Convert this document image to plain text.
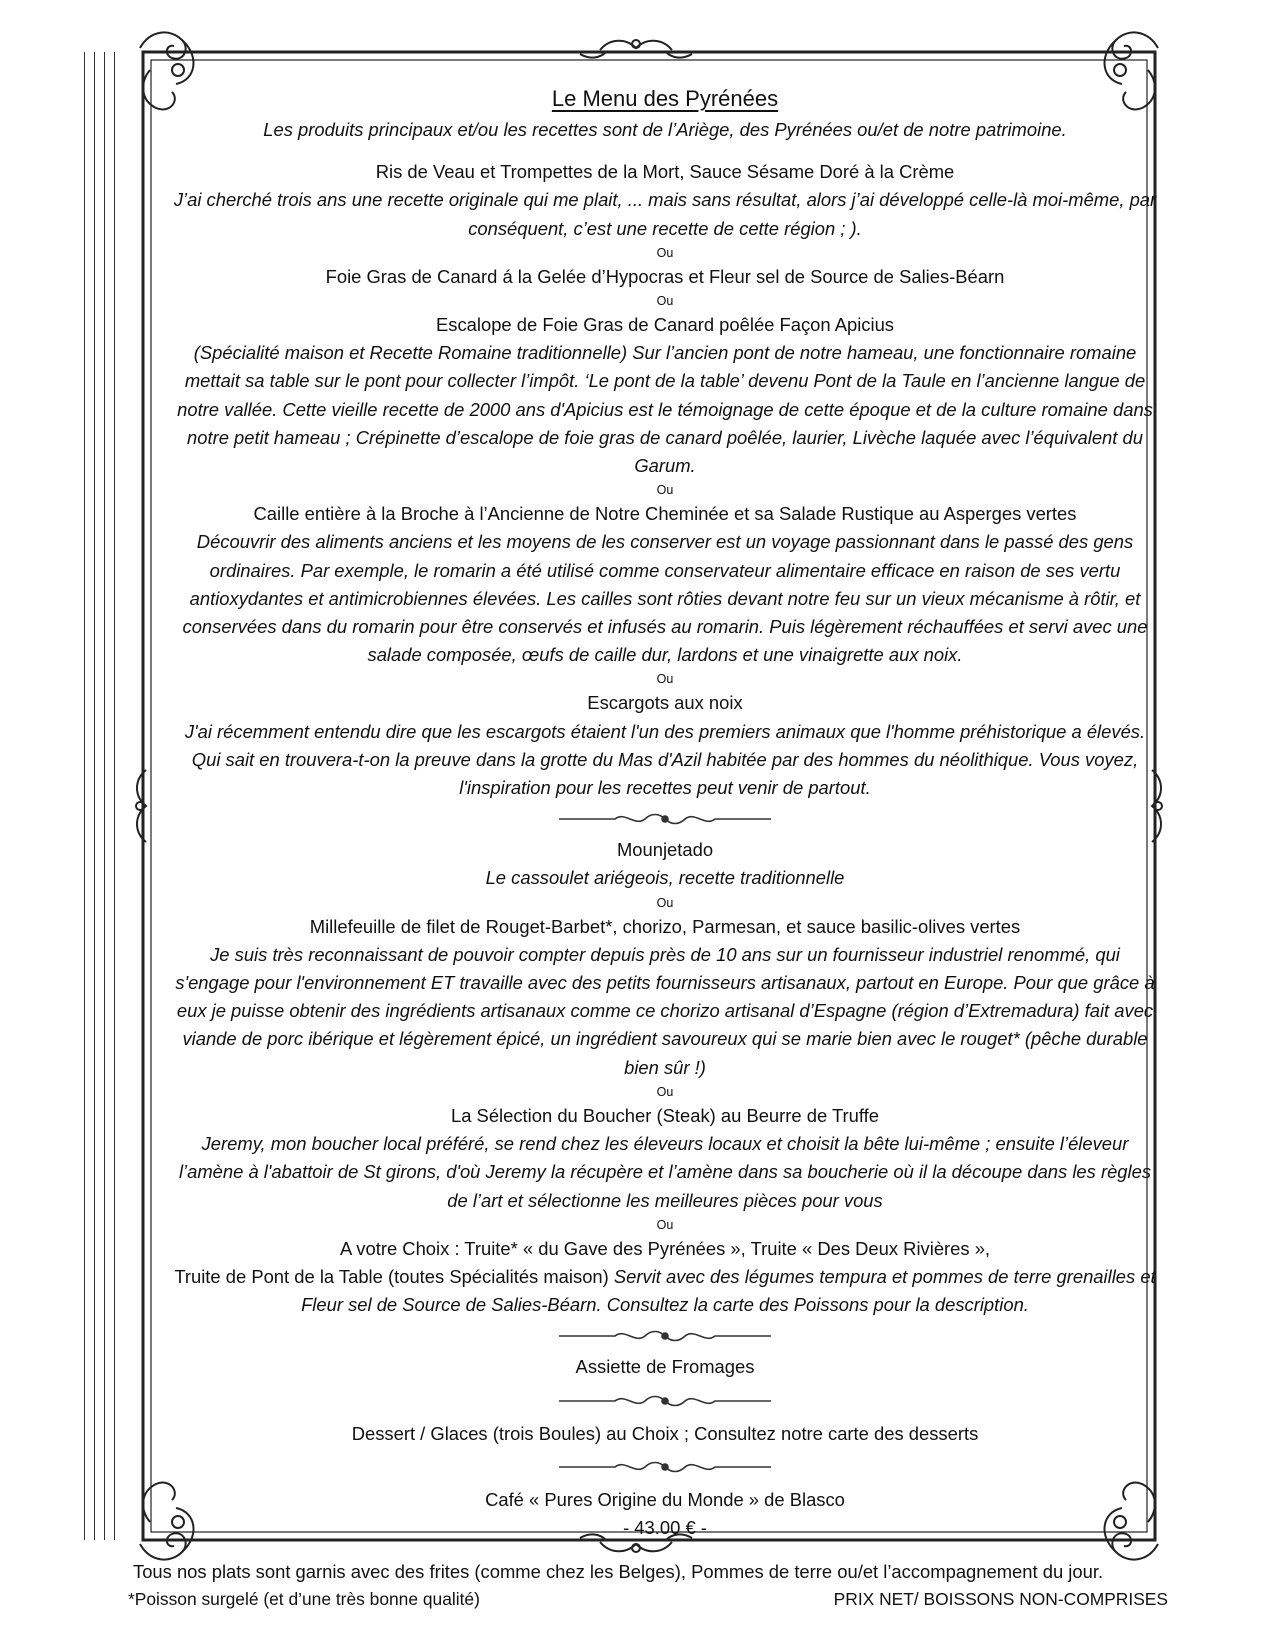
Le Menu des Pyrénées
Les produits principaux et/ou les recettes sont de l’Ariège, des Pyrénées ou/et de notre patrimoine.
Ris de Veau et Trompettes de la Mort, Sauce Sésame Doré à la Crème
J’ai cherché trois ans une recette originale qui me plait, ... mais sans résultat, alors j’ai développé celle-là moi-même, par conséquent, c’est une recette de cette région ; ).
Ou
Foie Gras de Canard á la Gelée d’Hypocras et Fleur sel de Source de Salies-Béarn
Ou
Escalope de Foie Gras de Canard poêlée Façon Apicius
(Spécialité maison et Recette Romaine traditionnelle) Sur l’ancien pont de notre hameau, une fonctionnaire romaine mettait sa table sur le pont pour collecter l’impôt. ‘Le pont de la table’ devenu Pont de la Taule en l’ancienne langue de notre vallée. Cette vieille recette de 2000 ans d'Apicius est le témoignage de cette époque et de la culture romaine dans notre petit hameau ; Crépinette d’escalope de foie gras de canard poêlée, laurier, Livèche laquée avec l’équivalent du Garum.
Ou
Caille entière à la Broche à l’Ancienne de Notre Cheminée et sa Salade Rustique au Asperges vertes
Découvrir des aliments anciens et les moyens de les conserver est un voyage passionnant dans le passé des gens ordinaires. Par exemple, le romarin a été utilisé comme conservateur alimentaire efficace en raison de ses vertu antioxydantes et antimicrobiennes élevées. Les cailles sont rôties devant notre feu sur un vieux mécanisme à rôtir, et conservées dans du romarin pour être conservés et infusés au romarin. Puis légèrement réchauffées et servi avec une salade composée, œufs de caille dur, lardons et une vinaigrette aux noix.
Ou
Escargots aux noix
J'ai récemment entendu dire que les escargots étaient l'un des premiers animaux que l'homme préhistorique a élevés. Qui sait en trouvera-t-on la preuve dans la grotte du Mas d'Azil habitée par des hommes du néolithique. Vous voyez, l'inspiration pour les recettes peut venir de partout.
Mounjetado
Le cassoulet ariégeois, recette traditionnelle
Ou
Millefeuille de filet de Rouget-Barbet*, chorizo, Parmesan, et sauce basilic-olives vertes
Je suis très reconnaissant de pouvoir compter depuis près de 10 ans sur un fournisseur industriel renommé, qui s'engage pour l'environnement ET travaille avec des petits fournisseurs artisanaux, partout en Europe. Pour que grâce à eux je puisse obtenir des ingrédients artisanaux comme ce chorizo artisanal d’Espagne (région d’Extremadura) fait avec viande de porc ibérique et légèrement épicé, un ingrédient savoureux qui se marie bien avec le rouget* (pêche durable bien sûr !)
Ou
La Sélection du Boucher (Steak) au Beurre de Truffe
Jeremy, mon boucher local préféré, se rend chez les éleveurs locaux et choisit la bête lui-même ; ensuite l’éleveur l’amène à l'abattoir de St girons, d'où Jeremy la récupère et l’amène dans sa boucherie où il la découpe dans les règles de l’art et sélectionne les meilleures pièces pour vous
Ou
A votre Choix : Truite* « du Gave des Pyrénées », Truite « Des Deux Rivières »,
Truite de Pont de la Table (toutes Spécialités maison) Servit avec des légumes tempura et pommes de terre grenailles et Fleur sel de Source de Salies-Béarn. Consultez la carte des Poissons pour la description.
Assiette de Fromages
Dessert / Glaces (trois Boules) au Choix ; Consultez notre carte des desserts
Café « Pures Origine du Monde » de Blasco
- 43.00 € -
Tous nos plats sont garnis avec des frites (comme chez les Belges), Pommes de terre ou/et l’accompagnement du jour.
*Poisson surgelé (et d’une très bonne qualité)	PRIX NET/ BOISSONS NON-COMPRISES
